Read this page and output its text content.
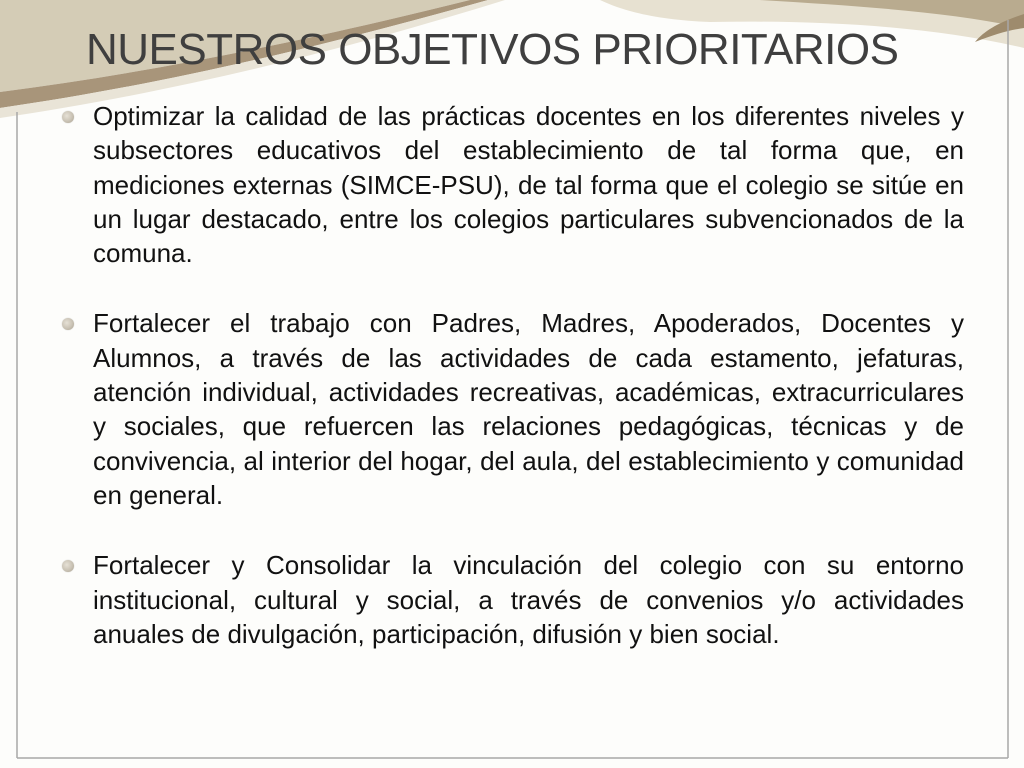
NUESTROS OBJETIVOS PRIORITARIOS

Optimizar la calidad de las prácticas docentes en los diferentes niveles y subsectores educativos del establecimiento de tal forma que, en mediciones externas (SIMCE-PSU), de tal forma que el colegio se sitúe en un lugar destacado, entre los colegios particulares subvencionados de la comuna.

Fortalecer el trabajo con Padres, Madres, Apoderados, Docentes y Alumnos, a través de las actividades de cada estamento, jefaturas, atención individual, actividades recreativas, académicas, extracurriculares y sociales, que refuercen las relaciones pedagógicas, técnicas y de convivencia, al interior del hogar, del aula, del establecimiento y comunidad en general.

Fortalecer y Consolidar la vinculación del colegio con su entorno institucional, cultural y social, a través de convenios y/o actividades anuales de divulgación, participación, difusión y bien social.
